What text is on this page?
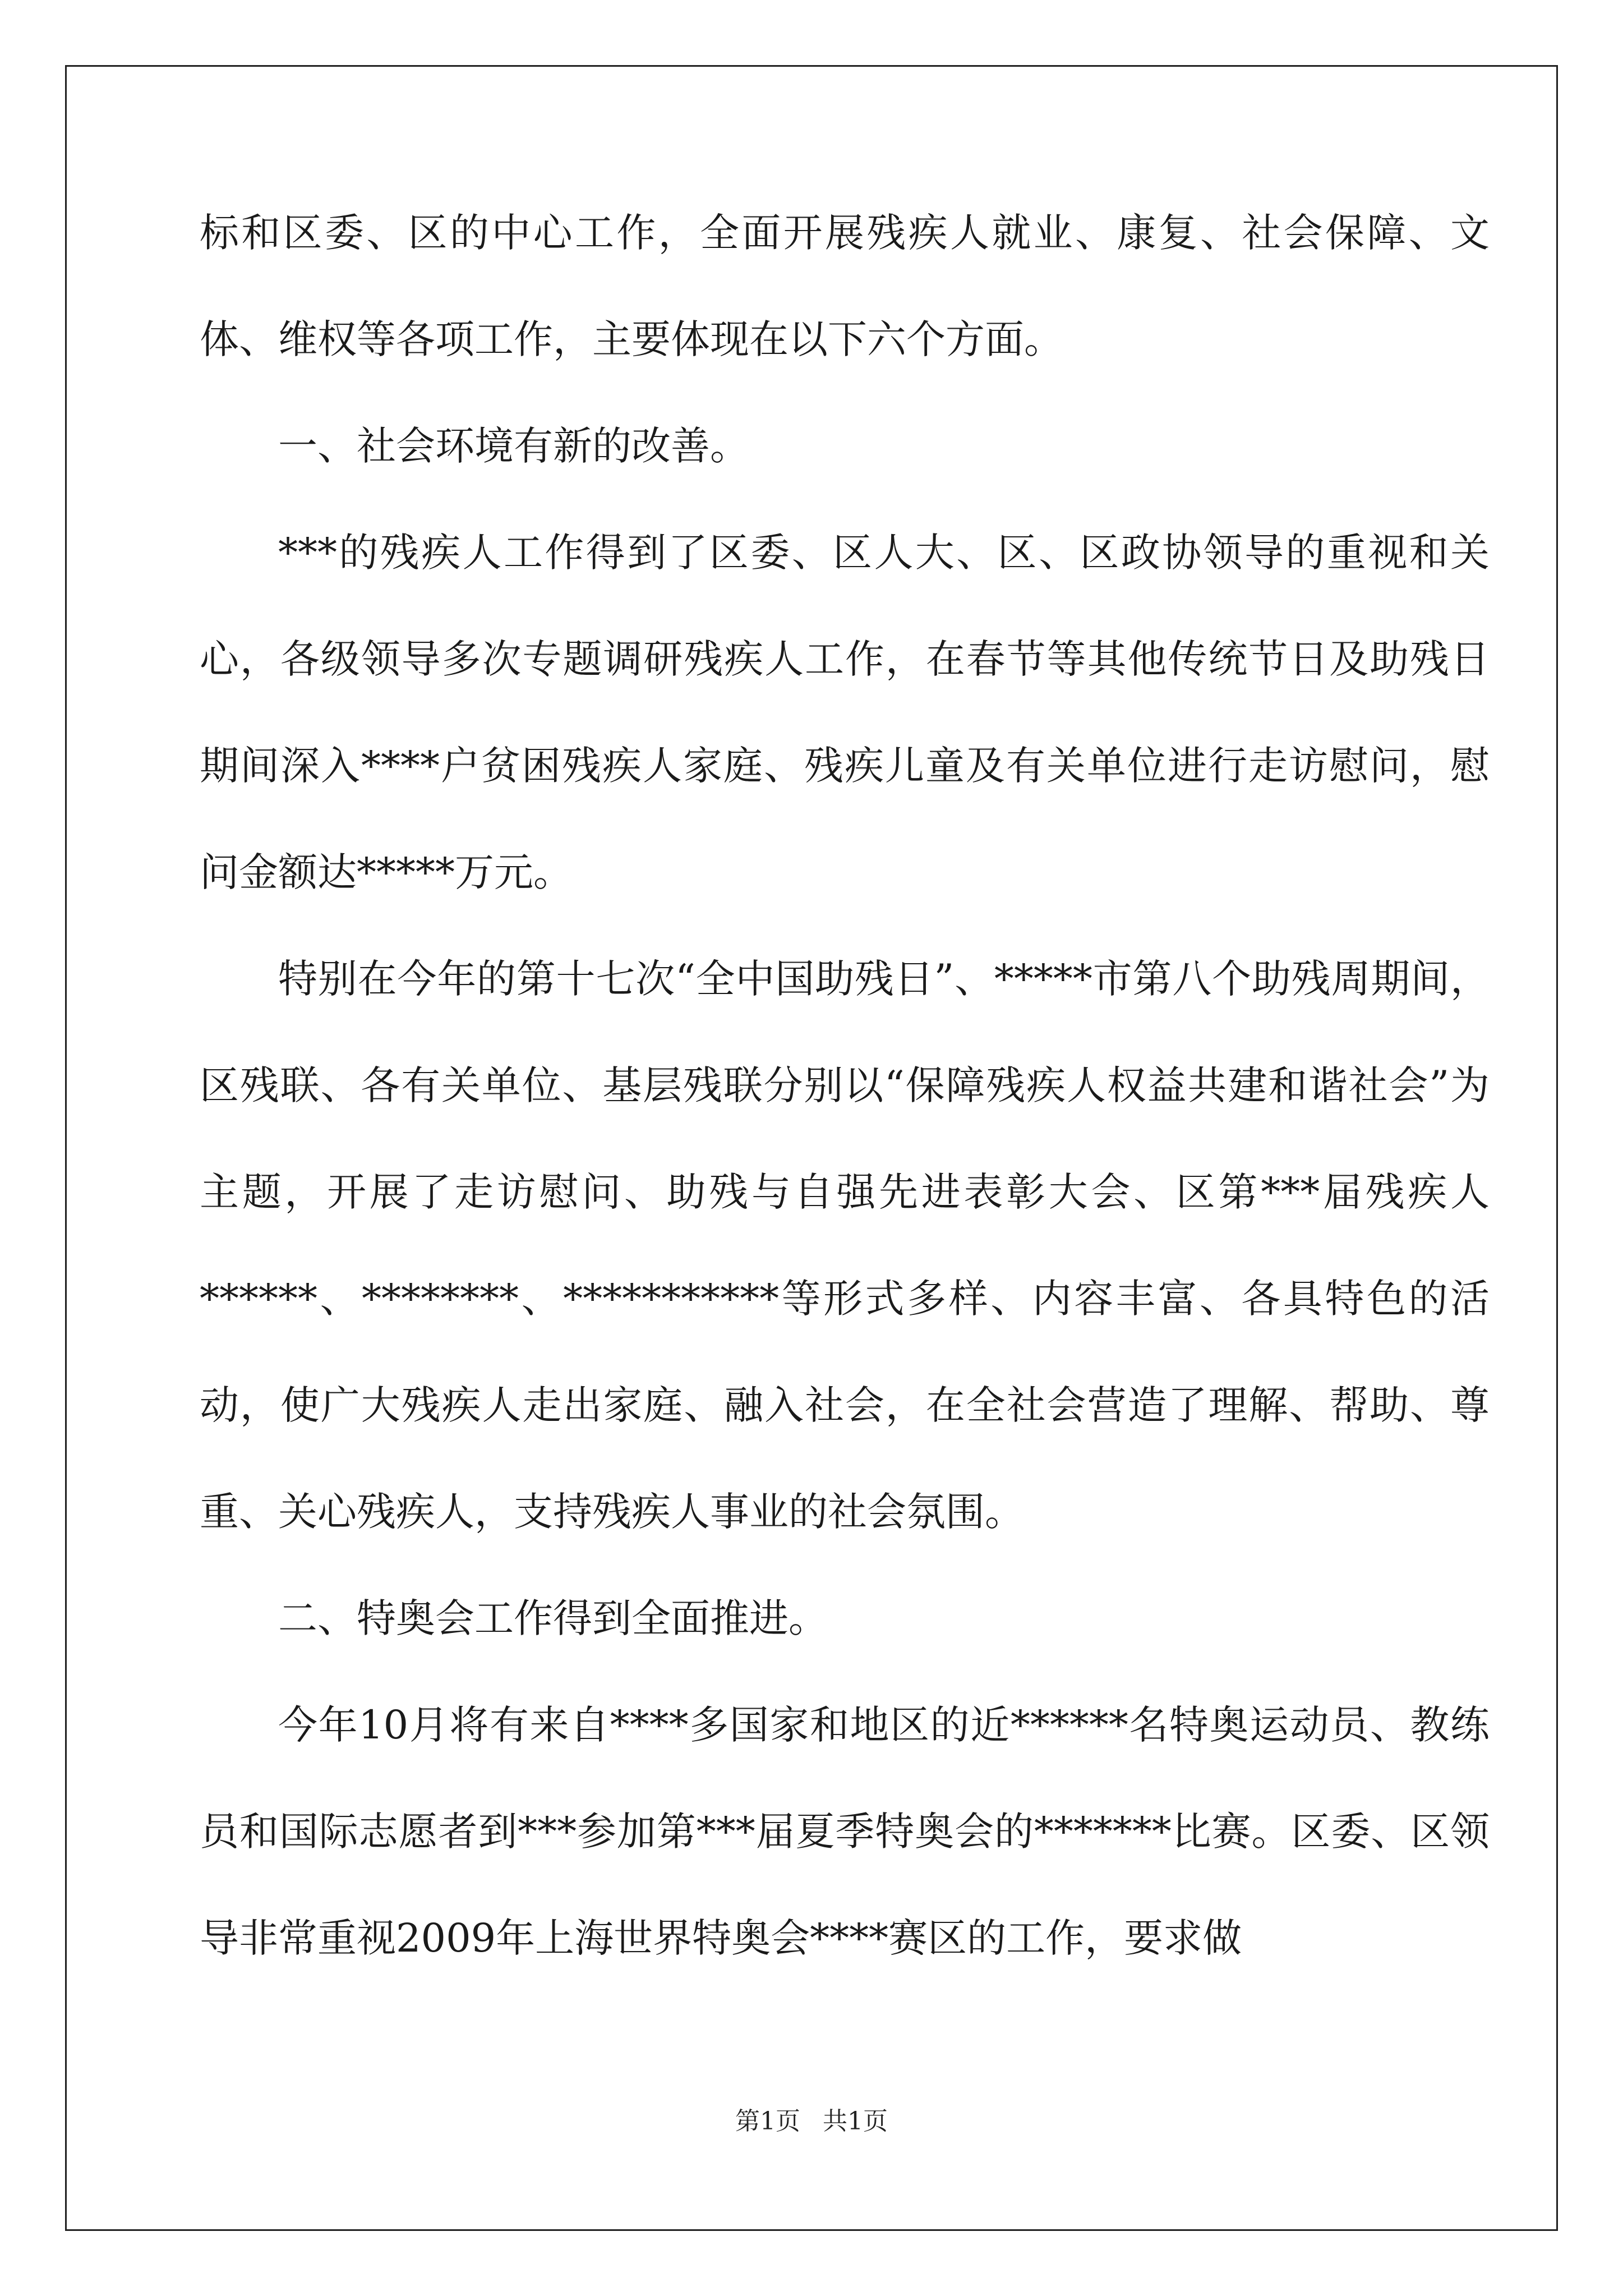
标和区委、区的中心工作，全面开展残疾人就业、康复、社会保障、文体、维权等各项工作，主要体现在以下六个方面。

一、社会环境有新的改善。

***的残疾人工作得到了区委、区人大、区、区政协领导的重视和关心，各级领导多次专题调研残疾人工作，在春节等其他传统节日及助残日期间深入****户贫困残疾人家庭、残疾儿童及有关单位进行走访慰问，慰问金额达*****万元。

特别在今年的第十七次“全中国助残日”、*****市第八个助残周期间，区残联、各有关单位、基层残联分别以“保障残疾人权益共建和谐社会”为主题，开展了走访慰问、助残与自强先进表彰大会、区第***届残疾人******、********、***********等形式多样、内容丰富、各具特色的活动，使广大残疾人走出家庭、融入社会，在全社会营造了理解、帮助、尊重、关心残疾人，支持残疾人事业的社会氛围。

二、特奥会工作得到全面推进。

今年10月将有来自****多国家和地区的近******名特奥运动员、教练员和国际志愿者到***参加第***届夏季特奥会的*******比赛。区委、区领导非常重视2009年上海世界特奥会****赛区的工作，要求做

第1页 共1页
